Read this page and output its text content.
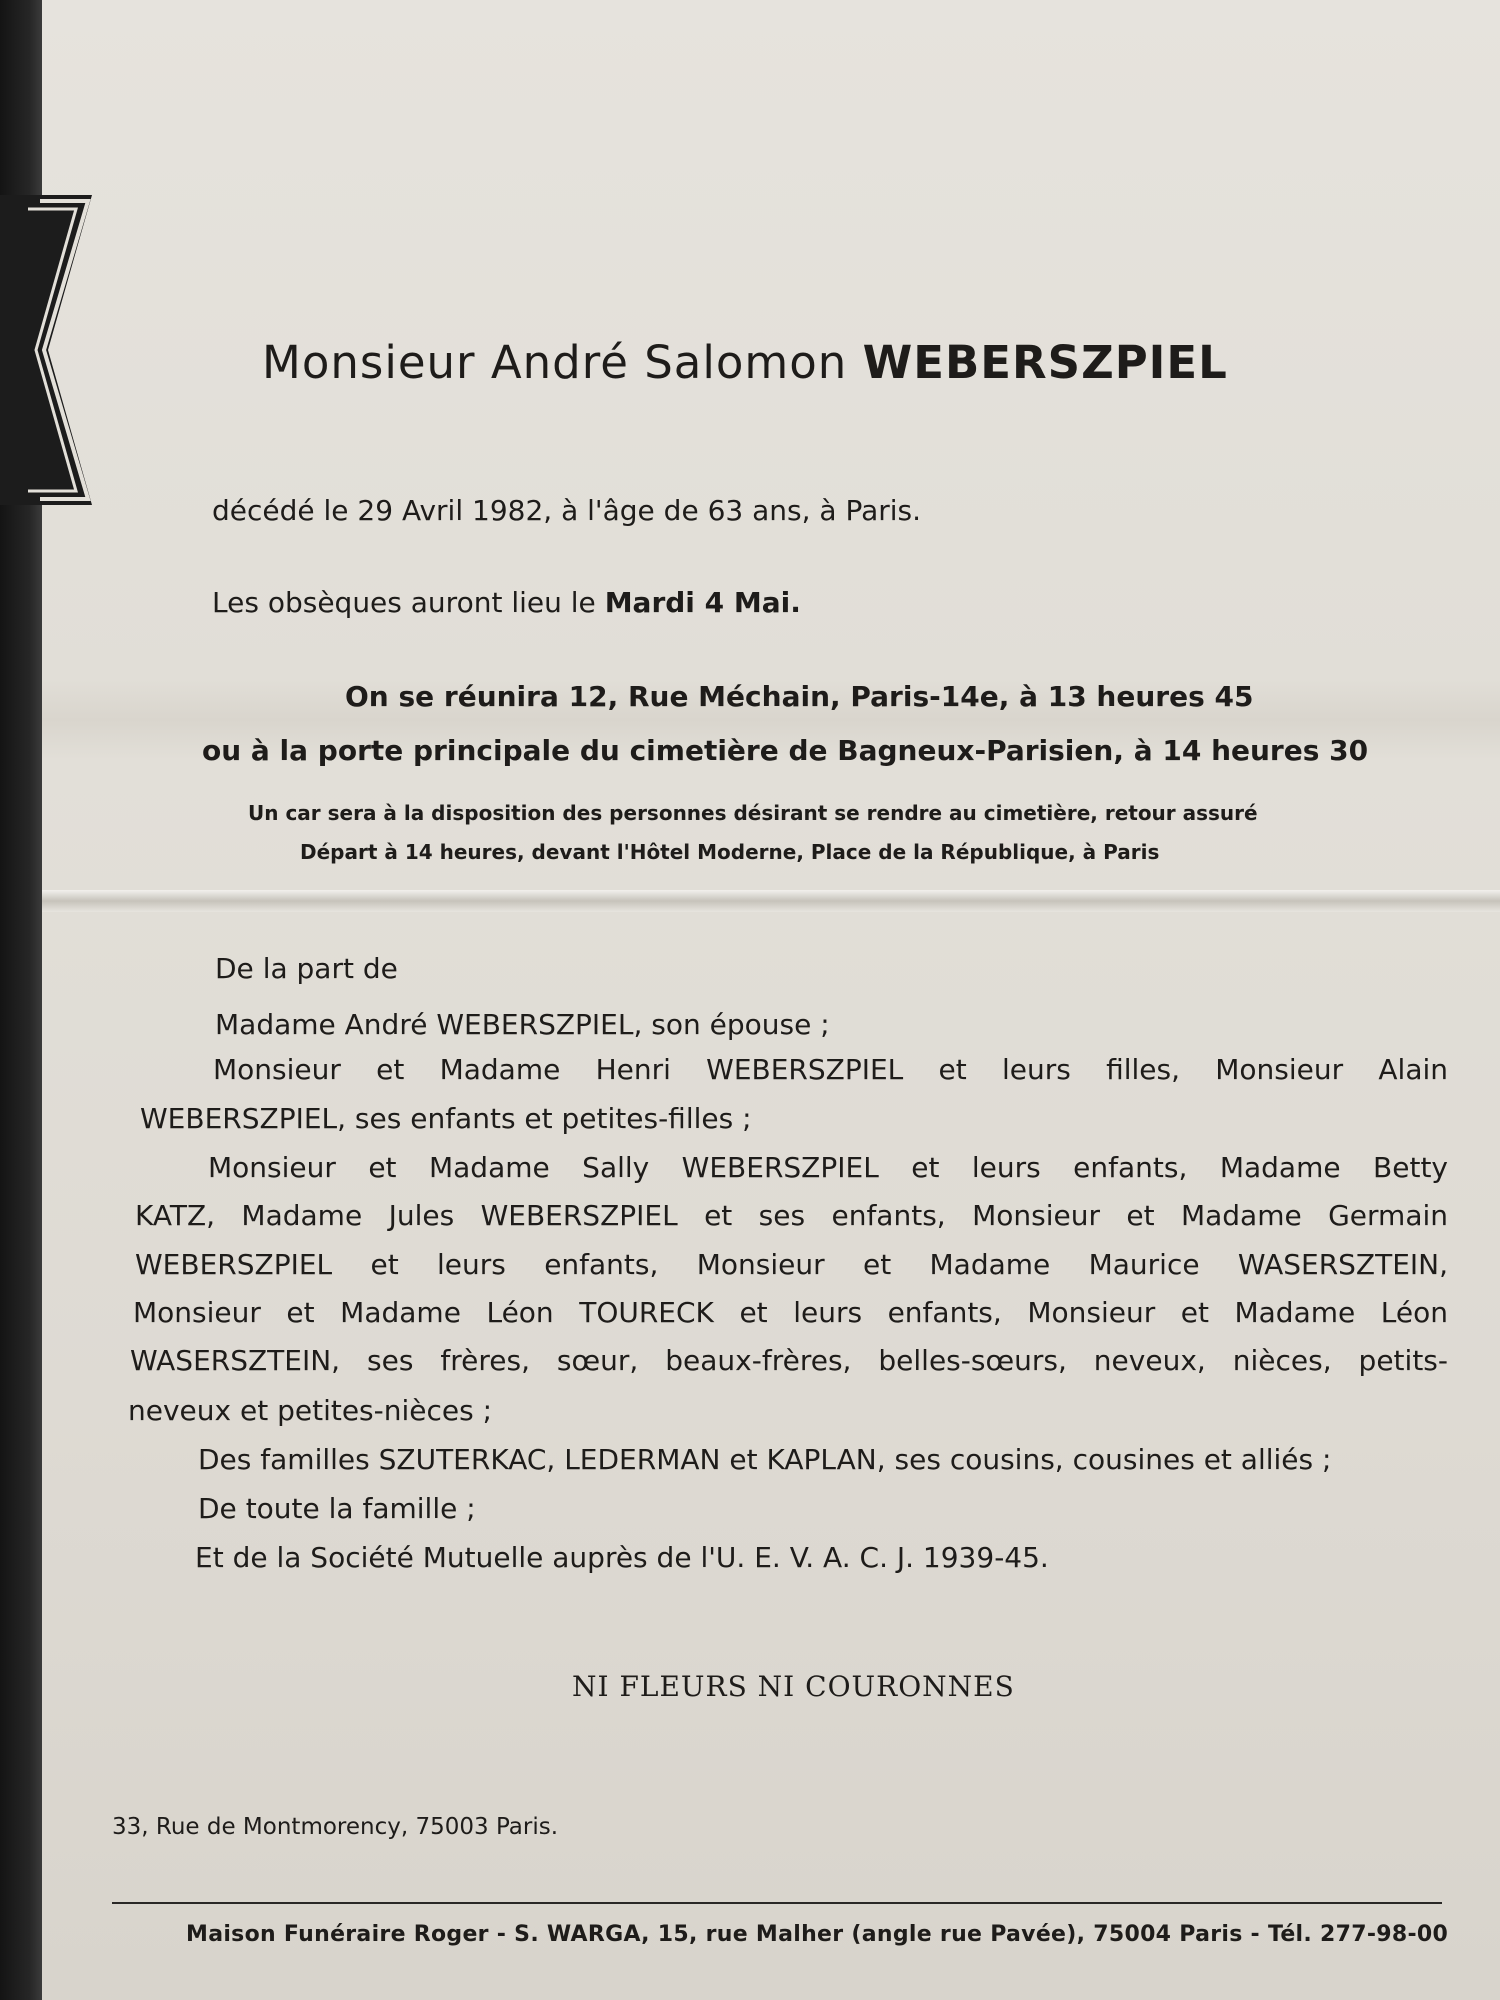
Monsieur André Salomon WEBERSZPIEL
décédé le 29 Avril 1982, à l'âge de 63 ans, à Paris.
Les obsèques auront lieu le Mardi 4 Mai.
On se réunira 12, Rue Méchain, Paris-14e, à 13 heures 45
ou à la porte principale du cimetière de Bagneux-Parisien, à 14 heures 30
Un car sera à la disposition des personnes désirant se rendre au cimetière, retour assuré
Départ à 14 heures, devant l'Hôtel Moderne, Place de la République, à Paris
De la part de
Madame André WEBERSZPIEL, son épouse ;
Monsieur et Madame Henri WEBERSZPIEL et leurs filles, Monsieur Alain
WEBERSZPIEL, ses enfants et petites-filles ;
Monsieur et Madame Sally WEBERSZPIEL et leurs enfants, Madame Betty
KATZ, Madame Jules WEBERSZPIEL et ses enfants, Monsieur et Madame Germain
WEBERSZPIEL et leurs enfants, Monsieur et Madame Maurice WASERSZTEIN,
Monsieur et Madame Léon TOURECK et leurs enfants, Monsieur et Madame Léon
WASERSZTEIN, ses frères, sœur, beaux-frères, belles-sœurs, neveux, nièces, petits-
neveux et petites-nièces ;
Des familles SZUTERKAC, LEDERMAN et KAPLAN, ses cousins, cousines et alliés ;
De toute la famille ;
Et de la Société Mutuelle auprès de l'U. E. V. A. C. J. 1939-45.
NI FLEURS NI COURONNES
33, Rue de Montmorency, 75003 Paris.
Maison Funéraire Roger - S. WARGA, 15, rue Malher (angle rue Pavée), 75004 Paris - Tél. 277-98-00
